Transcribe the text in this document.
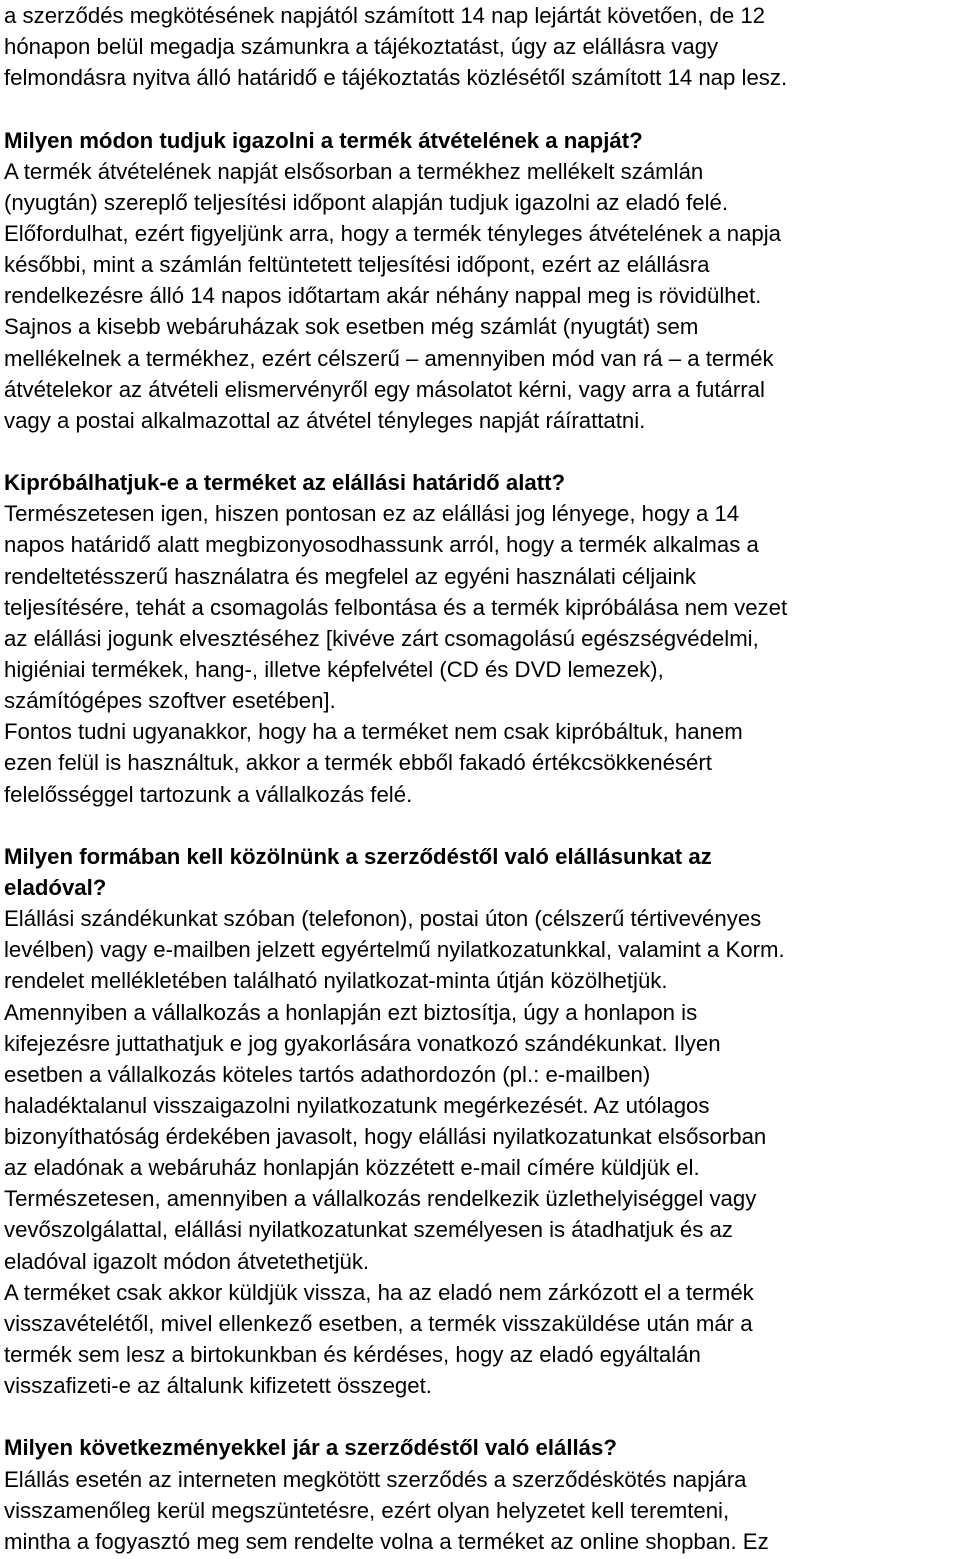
a szerződés megkötésének napjától számított 14 nap lejártát követően, de 12
hónapon belül megadja számunkra a tájékoztatást, úgy az elállásra vagy
felmondásra nyitva álló határidő e tájékoztatás közlésétől számított 14 nap lesz.
Milyen módon tudjuk igazolni a termék átvételének a napját?
A termék átvételének napját elsősorban a termékhez mellékelt számlán
(nyugtán) szereplő teljesítési időpont alapján tudjuk igazolni az eladó felé.
Előfordulhat, ezért figyeljünk arra, hogy a termék tényleges átvételének a napja
későbbi, mint a számlán feltüntetett teljesítési időpont, ezért az elállásra
rendelkezésre álló 14 napos időtartam akár néhány nappal meg is rövidülhet.
Sajnos a kisebb webáruházak sok esetben még számlát (nyugtát) sem
mellékelnek a termékhez, ezért célszerű – amennyiben mód van rá – a termék
átvételekor az átvételi elismervényről egy másolatot kérni, vagy arra a futárral
vagy a postai alkalmazottal az átvétel tényleges napját ráírattatni.
Kipróbálhatjuk-e a terméket az elállási határidő alatt?
Természetesen igen, hiszen pontosan ez az elállási jog lényege, hogy a 14
napos határidő alatt megbizonyosodhassunk arról, hogy a termék alkalmas a
rendeltetésszerű használatra és megfelel az egyéni használati céljaink
teljesítésére, tehát a csomagolás felbontása és a termék kipróbálása nem vezet
az elállási jogunk elvesztéséhez [kivéve zárt csomagolású egészségvédelmi,
higiéniai termékek, hang-, illetve képfelvétel (CD és DVD lemezek),
számítógépes szoftver esetében].
Fontos tudni ugyanakkor, hogy ha a terméket nem csak kipróbáltuk, hanem
ezen felül is használtuk, akkor a termék ebből fakadó értékcsökkenésért
felelősséggel tartozunk a vállalkozás felé.
Milyen formában kell közölnünk a szerződéstől való elállásunkat az
eladóval?
Elállási szándékunkat szóban (telefonon), postai úton (célszerű tértivevényes
levélben) vagy e-mailben jelzett egyértelmű nyilatkozatunkkal, valamint a Korm.
rendelet mellékletében található nyilatkozat-minta útján közölhetjük.
Amennyiben a vállalkozás a honlapján ezt biztosítja, úgy a honlapon is
kifejezésre juttathatjuk e jog gyakorlására vonatkozó szándékunkat. Ilyen
esetben a vállalkozás köteles tartós adathordozón (pl.: e-mailben)
haladéktalanul visszaigazolni nyilatkozatunk megérkezését. Az utólagos
bizonyíthatóság érdekében javasolt, hogy elállási nyilatkozatunkat elsősorban
az eladónak a webáruház honlapján közzétett e-mail címére küldjük el.
Természetesen, amennyiben a vállalkozás rendelkezik üzlethelyiséggel vagy
vevőszolgálattal, elállási nyilatkozatunkat személyesen is átadhatjuk és az
eladóval igazolt módon átvetethetjük.
A terméket csak akkor küldjük vissza, ha az eladó nem zárkózott el a termék
visszavételétől, mivel ellenkező esetben, a termék visszaküldése után már a
termék sem lesz a birtokunkban és kérdéses, hogy az eladó egyáltalán
visszafizeti-e az általunk kifizetett összeget.
Milyen következményekkel jár a szerződéstől való elállás?
Elállás esetén az interneten megkötött szerződés a szerződéskötés napjára
visszamenőleg kerül megszüntetésre, ezért olyan helyzetet kell teremteni,
mintha a fogyasztó meg sem rendelte volna a terméket az online shopban. Ez
